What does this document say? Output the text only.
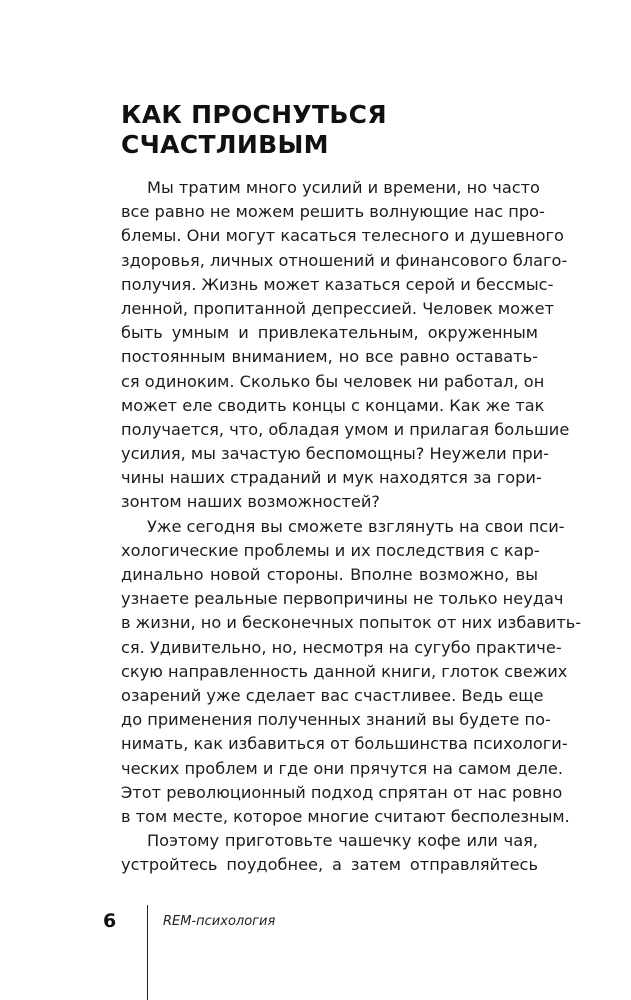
КАК ПРОСНУТЬСЯ
СЧАСТЛИВЫМ

Мы тратим много усилий и времени, но часто
все равно не можем решить волнующие нас про-
блемы. Они могут касаться телесного и душевного
здоровья, личных отношений и финансового благо-
получия. Жизнь может казаться серой и бессмыс-
ленной, пропитанной депрессией. Человек может
быть умным и привлекательным, окруженным
постоянным вниманием, но все равно оставать-
ся одиноким. Сколько бы человек ни работал, он
может еле сводить концы с концами. Как же так
получается, что, обладая умом и прилагая большие
усилия, мы зачастую беспомощны? Неужели при-
чины наших страданий и мук находятся за гори-
зонтом наших возможностей?

Уже сегодня вы сможете взглянуть на свои пси-
хологические проблемы и их последствия с кар-
динально новой стороны. Вполне возможно, вы
узнаете реальные первопричины не только неудач
в жизни, но и бесконечных попыток от них избавить-
ся. Удивительно, но, несмотря на сугубо практиче-
скую направленность данной книги, глоток свежих
озарений уже сделает вас счастливее. Ведь еще
до применения полученных знаний вы будете по-
нимать, как избавиться от большинства психологи-
ческих проблем и где они прячутся на самом деле.
Этот революционный подход спрятан от нас ровно
в том месте, которое многие считают бесполезным.

Поэтому приготовьте чашечку кофе или чая,
устройтесь поудобнее, а затем отправляйтесь

6	REM-психология
